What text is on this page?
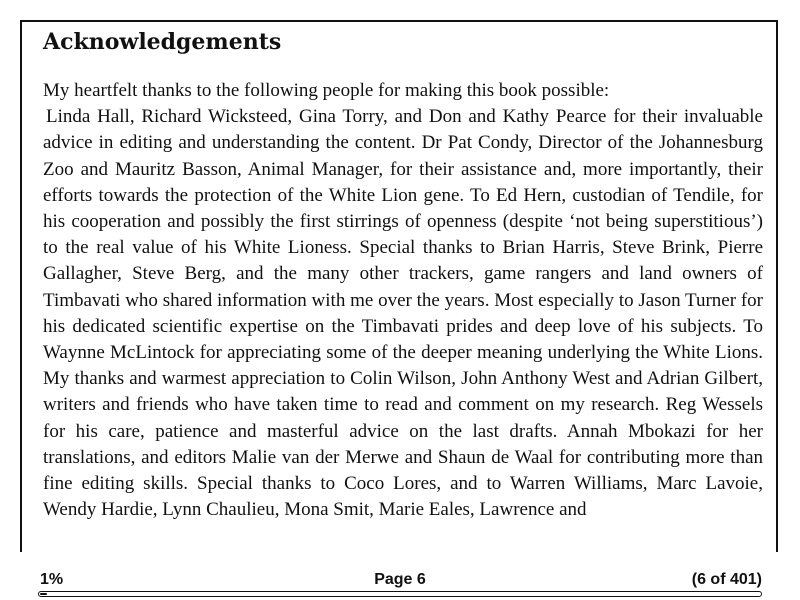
Acknowledgements

My heartfelt thanks to the following people for making this book possible:

Linda Hall, Richard Wicksteed, Gina Torry, and Don and Kathy Pearce for their invaluable advice in editing and understanding the content. Dr Pat Condy, Director of the Johannesburg Zoo and Mauritz Basson, Animal Manager, for their assistance and, more importantly, their efforts towards the protection of the White Lion gene. To Ed Hern, custodian of Tendile, for his cooperation and possibly the first stirrings of openness (despite ‘not being superstitious’) to the real value of his White Lioness. Special thanks to Brian Harris, Steve Brink, Pierre Gallagher, Steve Berg, and the many other trackers, game rangers and land owners of Timbavati who shared information with me over the years. Most especially to Jason Turner for his dedicated scientific expertise on the Timbavati prides and deep love of his subjects. To Waynne McLintock for appreciating some of the deeper meaning underlying the White Lions. My thanks and warmest appreciation to Colin Wilson, John Anthony West and Adrian Gilbert, writers and friends who have taken time to read and comment on my research. Reg Wessels for his care, patience and masterful advice on the last drafts. Annah Mbokazi for her translations, and editors Malie van der Merwe and Shaun de Waal for contributing more than fine editing skills. Special thanks to Coco Lores, and to Warren Williams, Marc Lavoie, Wendy Hardie, Lynn Chaulieu, Mona Smit, Marie Eales, Lawrence and

1%	Page 6	(6 of 401)
